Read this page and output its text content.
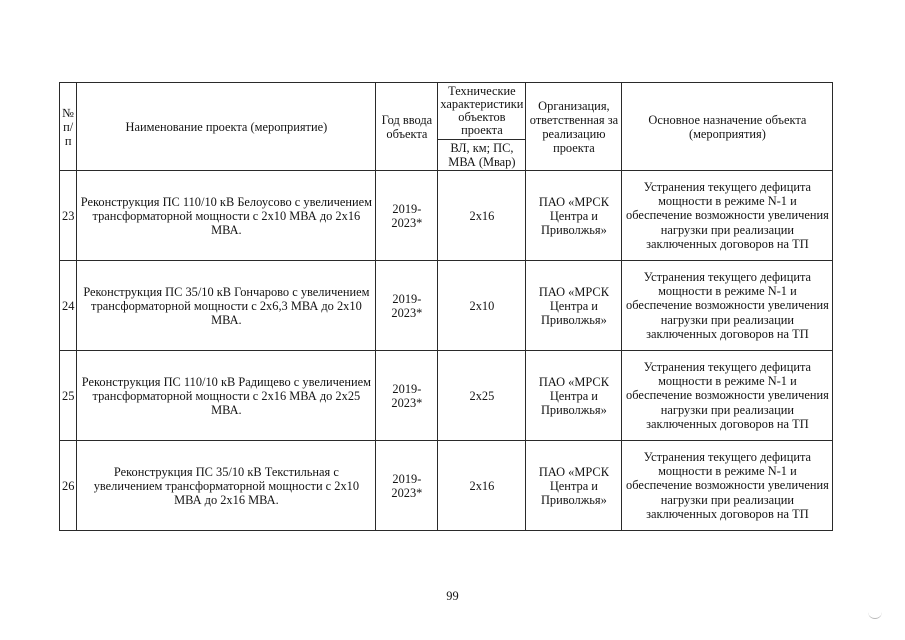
№ п/п	Наименование проекта (мероприятие)	Год ввода объекта	Технические характеристики объектов проекта	Организация, ответственная за реализацию проекта	Основное назначение объекта (мероприятия)
			ВЛ, км; ПС, МВА (Мвар)		
23	Реконструкция ПС 110/10 кВ Белоусово с увеличением трансформаторной мощности с 2х10 МВА до 2х16 МВА.	2019-2023*	2х16	ПАО «МРСК Центра и Приволжья»	Устранения текущего дефицита мощности в режиме N-1 и обеспечение возможности увеличения нагрузки при реализации заключенных договоров на ТП
24	Реконструкция ПС 35/10 кВ Гончарово с увеличением трансформаторной мощности с 2х6,3 МВА до 2х10 МВА.	2019-2023*	2х10	ПАО «МРСК Центра и Приволжья»	Устранения текущего дефицита мощности в режиме N-1 и обеспечение возможности увеличения нагрузки при реализации заключенных договоров на ТП
25	Реконструкция ПС 110/10 кВ Радищево с увеличением трансформаторной мощности с 2х16 МВА до 2х25 МВА.	2019-2023*	2х25	ПАО «МРСК Центра и Приволжья»	Устранения текущего дефицита мощности в режиме N-1 и обеспечение возможности увеличения нагрузки при реализации заключенных договоров на ТП
26	Реконструкция ПС 35/10 кВ Текстильная с увеличением трансформаторной мощности с 2х10 МВА до 2х16 МВА.	2019-2023*	2х16	ПАО «МРСК Центра и Приволжья»	Устранения текущего дефицита мощности в режиме N-1 и обеспечение возможности увеличения нагрузки при реализации заключенных договоров на ТП
99
